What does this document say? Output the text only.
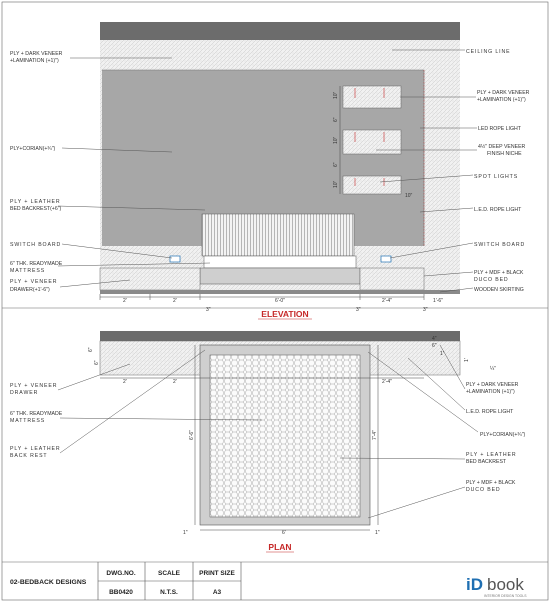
PLY + DARK VENEER
+LAMINATION (+1)")
PLY+CORIAN(+¾")
PLY + LEATHER
BED BACKREST(+6")
SWITCH BOARD
6" THK. READYMADE
MATTRESS
PLY + VENEER
DRAWER(+1'-6")
CEILING LINE
PLY + DARK VENEER
+LAMINATION (+1)")
LED ROPE LIGHT
4½" DEEP VENEER
FINISH NICHE
SPOT LIGHTS
L.E.D. ROPE LIGHT
SWITCH BOARD
PLY + MDF + BLACK
DUCO BED
WOODEN SKIRTING
2'	2'	6'-0"	2'-4"	1'-6"
3"	3"	3"
10"
10"
6"
10"
6"
10"
ELEVATION
PLY + VENEER
DRAWER
6" THK. READYMADE
MATTRESS
PLY + LEATHER
BACK REST
PLY + DARK VENEER
+LAMINATION (+1)")
L.E.D. ROPE LIGHT
PLY+CORIAN(+¾")
PLY + LEATHER
BED BACKREST
PLY + MDF + BLACK
DUCO BED
2'	2'	2'-4"
6'-6"	7'-4"
1"	6'	1"
6"
6"
4"
6"
1'
1'
¼"
PLAN
02-BEDBACK DESIGNS
DWG.NO.	SCALE	PRINT SIZE
BB0420	N.T.S.	A3	iD book
INTERIOR DESIGN TOOLS
